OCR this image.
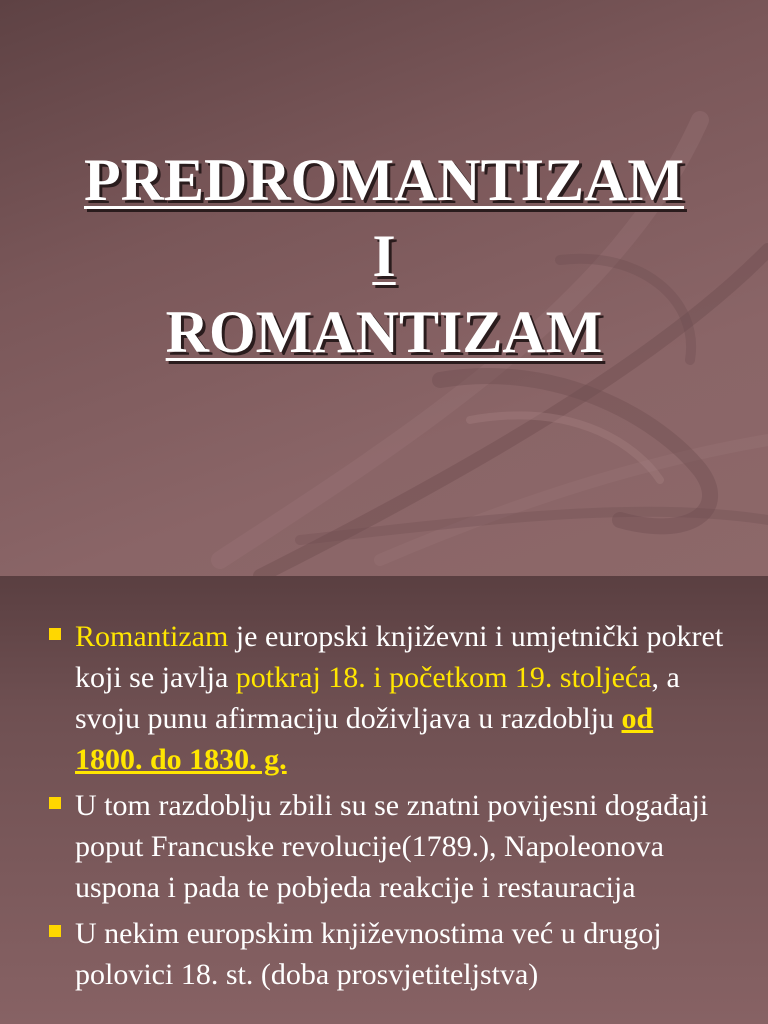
PREDROMANTIZAM
I
ROMANTIZAM
Romantizam je europski književni i umjetnički pokret koji se javlja potkraj 18. i početkom 19. stoljeća, a svoju punu afirmaciju doživljava u razdoblju od 1800. do 1830. g.
U tom razdoblju zbili su se znatni povijesni događaji poput Francuske revolucije(1789.), Napoleonova uspona i pada te pobjeda reakcije i restauracija
U nekim europskim književnostima već u drugoj polovici 18. st. (doba prosvjetiteljstva)
